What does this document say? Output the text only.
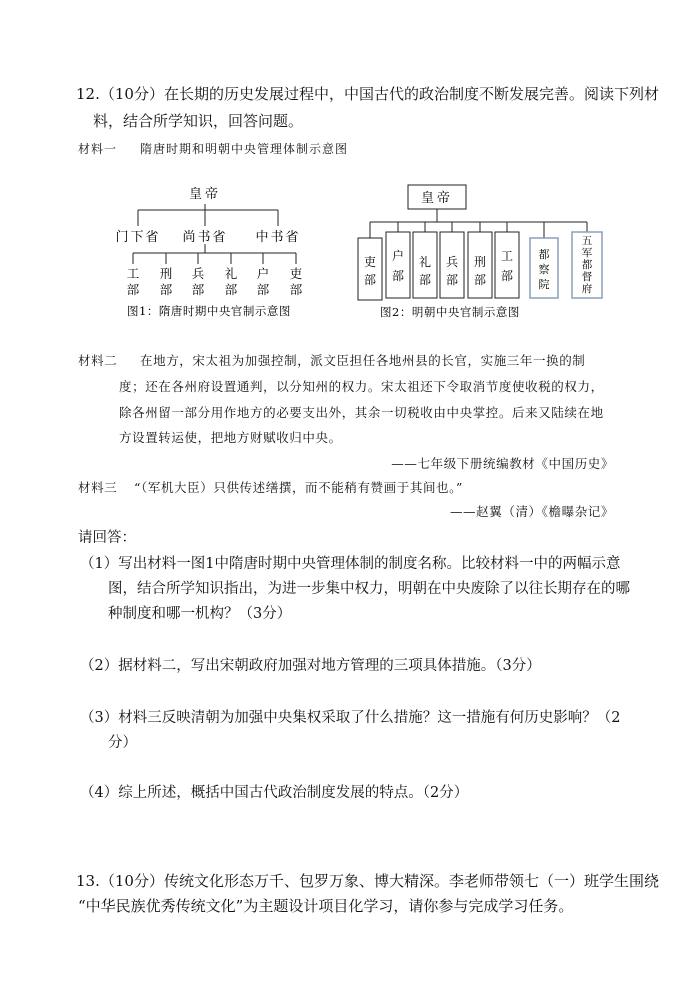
12.（10分）在长期的历史发展过程中，中国古代的政治制度不断发展完善。阅读下列材
料，结合所学知识，回答问题。
材料一 隋唐时期和明朝中央管理体制示意图
皇帝
门下省 尚书省 中书省
工
部
刑
部
兵
部
礼
部
户
部
吏
部
图1：隋唐时期中央官制示意图
皇帝
吏
部
户
部
礼
部
兵
部
刑
部
工
部
都
察
院
五
军
都
督
府
图2：明朝中央官制示意图
材料二 在地方，宋太祖为加强控制，派文臣担任各地州县的长官，实施三年一换的制
度；还在各州府设置通判，以分知州的权力。宋太祖还下令取消节度使收税的权力，
除各州留一部分用作地方的必要支出外，其余一切税收由中央掌控。后来又陆续在地
方设置转运使，把地方财赋收归中央。
——七年级下册统编教材《中国历史》
材料三 “（军机大臣）只供传述缮撰，而不能稍有赞画于其间也。”
——赵翼（清）《檐曝杂记》
请回答：
（1）写出材料一图1中隋唐时期中央管理体制的制度名称。比较材料一中的两幅示意
图，结合所学知识指出，为进一步集中权力，明朝在中央废除了以往长期存在的哪
种制度和哪一机构？（3分）
（2）据材料二，写出宋朝政府加强对地方管理的三项具体措施。（3分）
（3）材料三反映清朝为加强中央集权采取了什么措施？这一措施有何历史影响？（2
分）
（4）综上所述，概括中国古代政治制度发展的特点。（2分）
13.（10分）传统文化形态万千、包罗万象、博大精深。李老师带领七（一）班学生围绕
“中华民族优秀传统文化”为主题设计项目化学习，请你参与完成学习任务。
